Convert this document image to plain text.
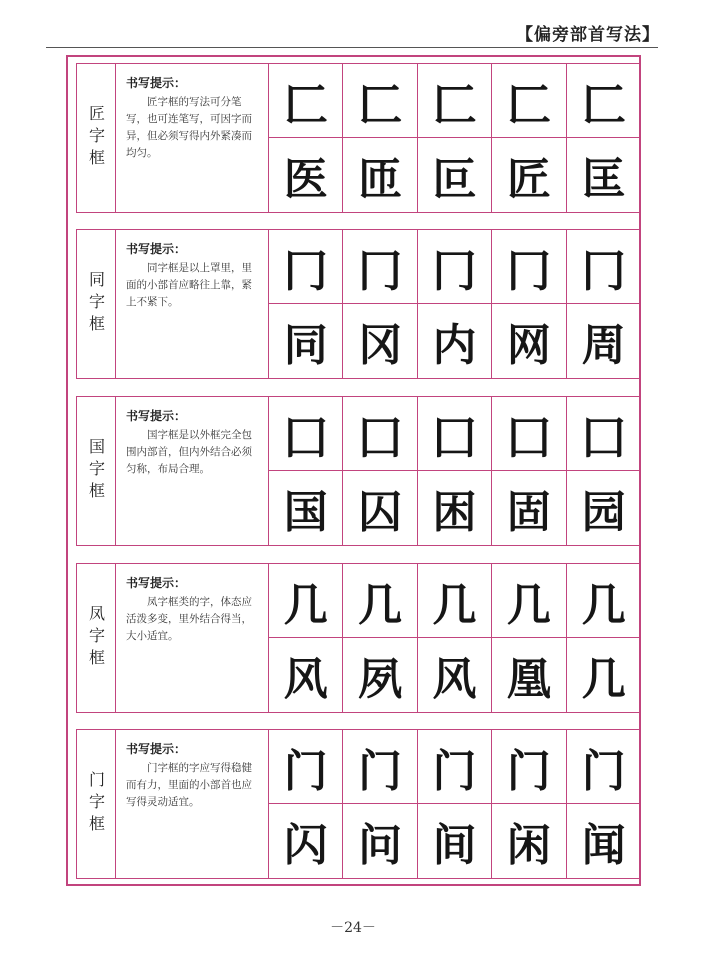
【偏旁部首写法】
匠字框
书写提示：
匠字框的写法可分笔写，也可连笔写，可因字而异，但必须写得内外紧凑而均匀。
匚 匚 匚 匚 匚
医 匝 叵 匠 匡
同字框
书写提示：
同字框是以上罩里，里面的小部首应略往上靠，紧上不紧下。
冂 冂 冂 冂 冂
同 冈 内 网 周
国字框
书写提示：
国字框是以外框完全包围内部首，但内外结合必须匀称，布局合理。
囗 囗 囗 囗 囗
国 囚 困 固 园
凤字框
书写提示：
凤字框类的字，体态应活泼多变，里外结合得当，大小适宜。
几 几 几 几 几
风 夙 风 凰 几
门字框
书写提示：
门字框的字应写得稳健而有力，里面的小部首也应写得灵动适宜。
门 门 门 门 门
闪 问 间 闲 闻
－24－
